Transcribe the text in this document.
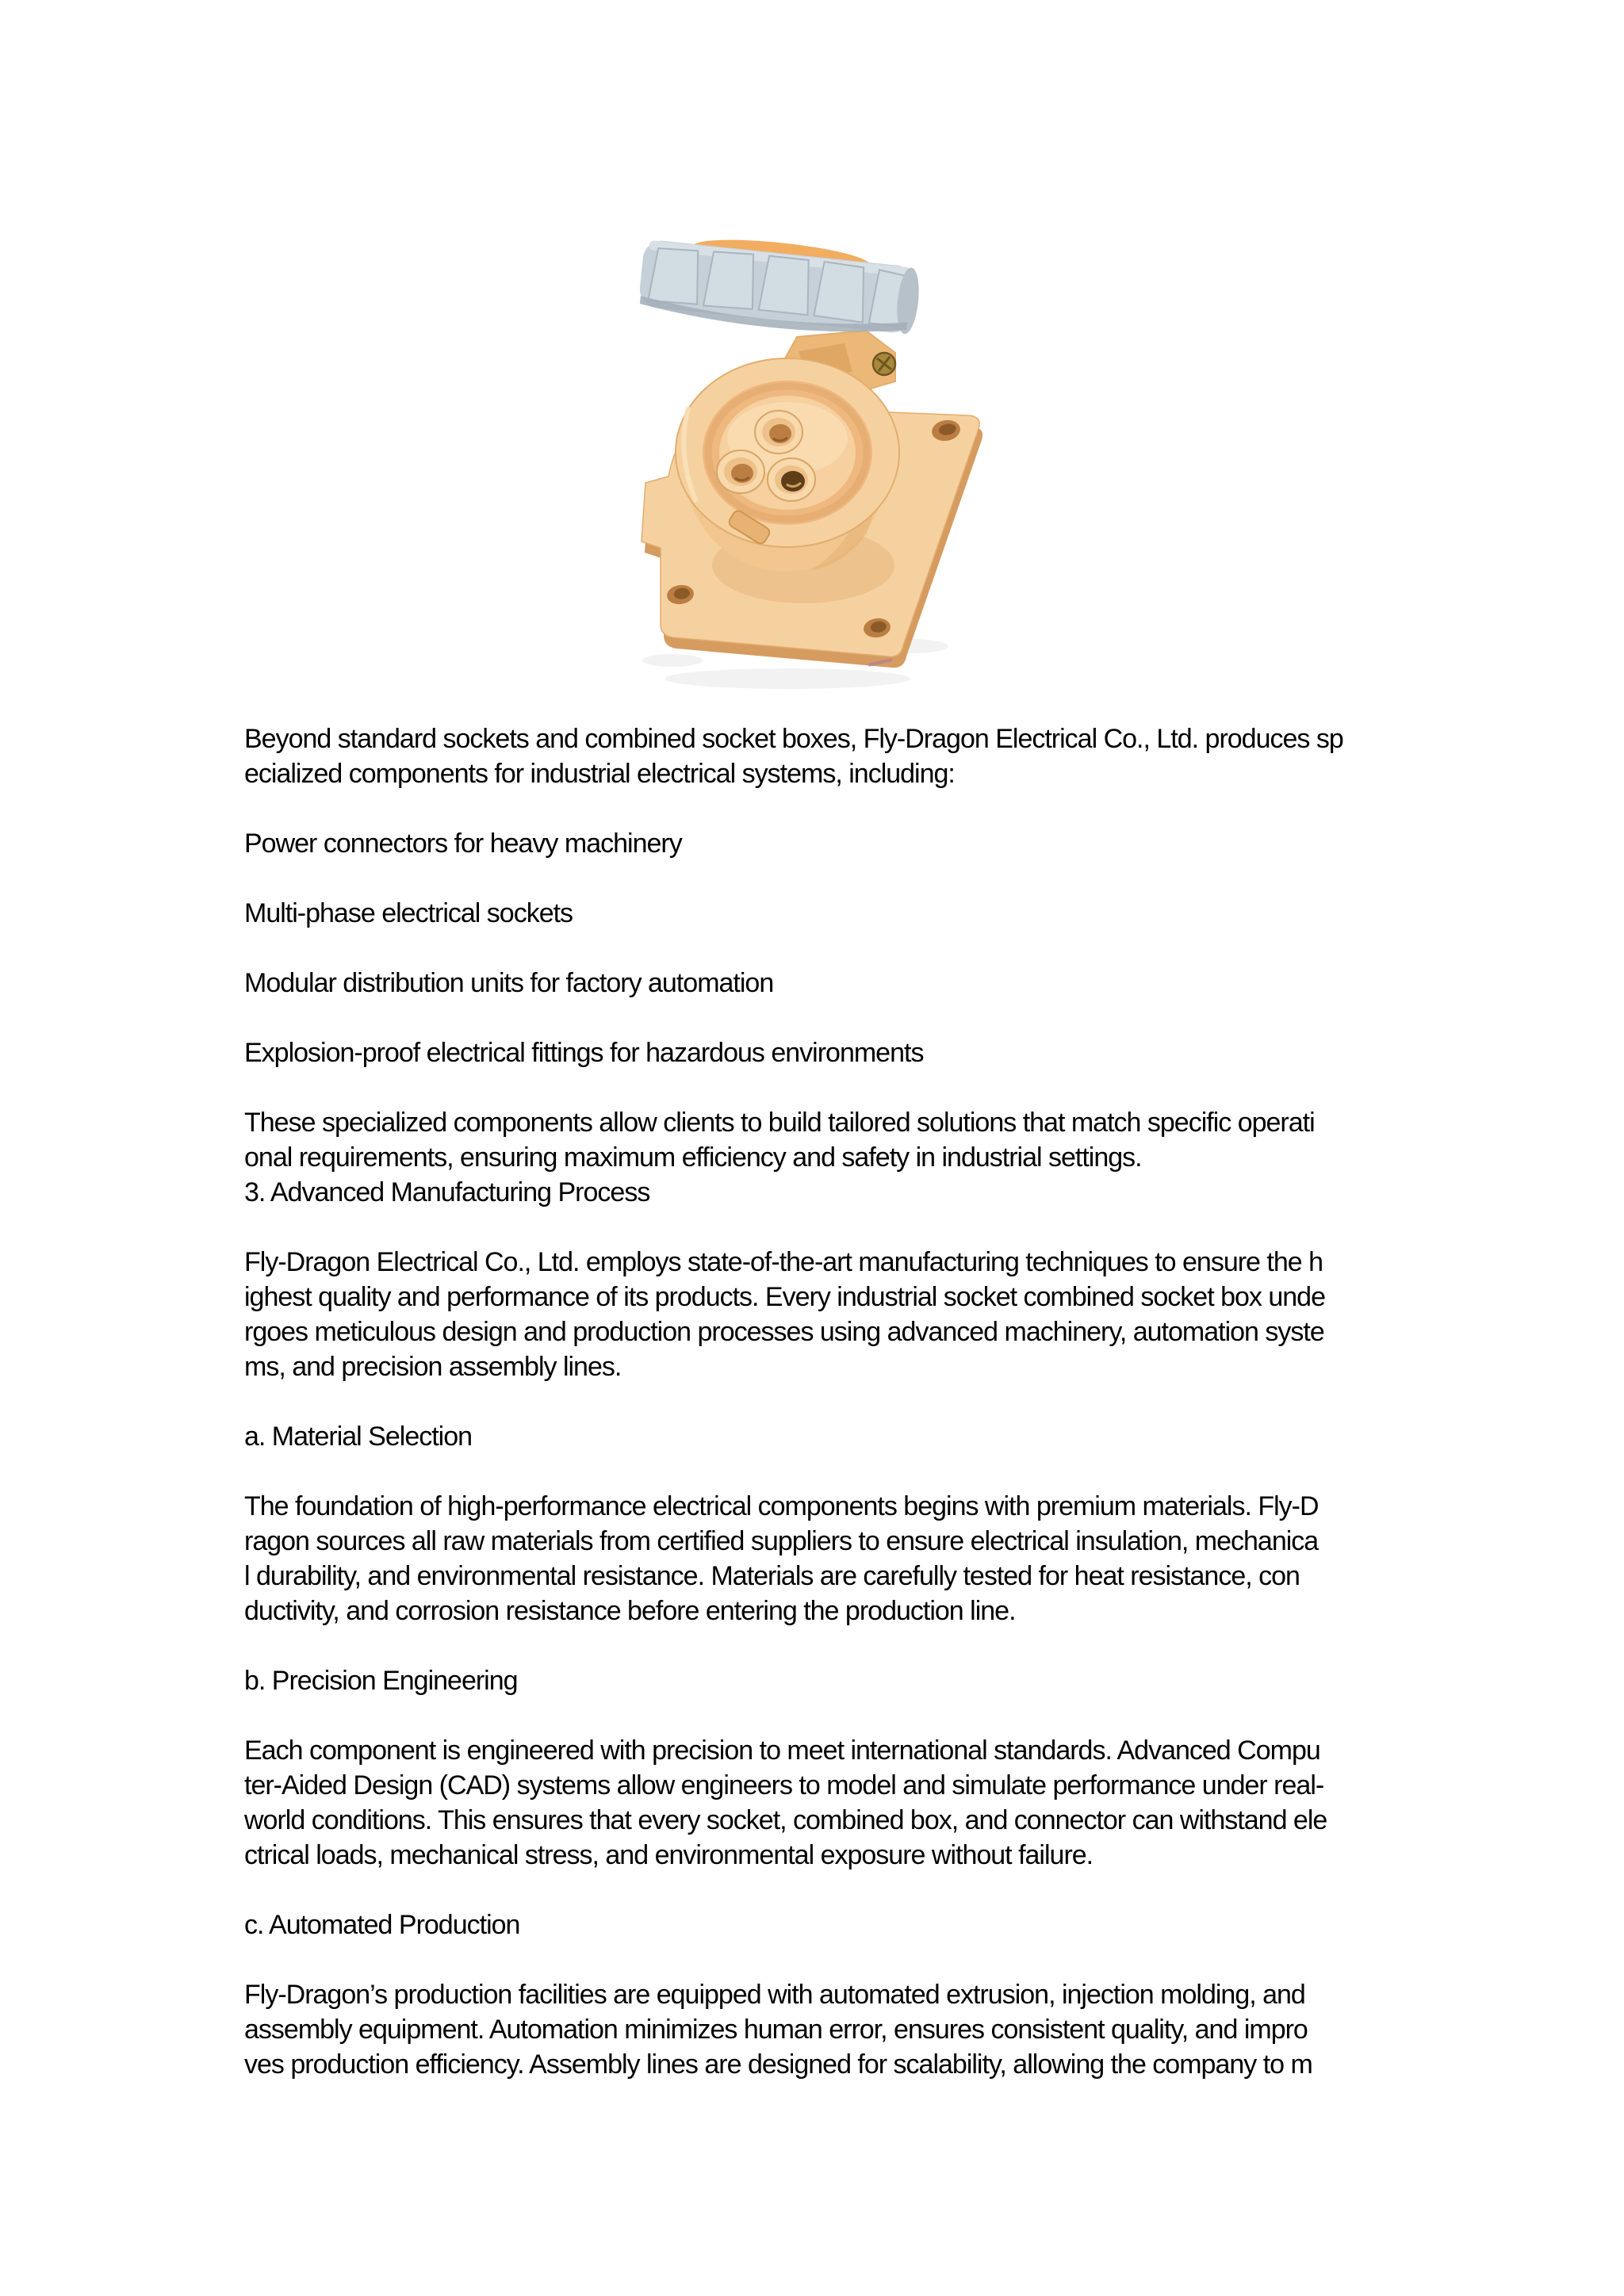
Beyond standard sockets and combined socket boxes, Fly-Dragon Electrical Co., Ltd. produces sp
ecialized components for industrial electrical systems, including:

Power connectors for heavy machinery

Multi-phase electrical sockets

Modular distribution units for factory automation

Explosion-proof electrical fittings for hazardous environments

These specialized components allow clients to build tailored solutions that match specific operati
onal requirements, ensuring maximum efficiency and safety in industrial settings.
3. Advanced Manufacturing Process

Fly-Dragon Electrical Co., Ltd. employs state-of-the-art manufacturing techniques to ensure the h
ighest quality and performance of its products. Every industrial socket combined socket box unde
rgoes meticulous design and production processes using advanced machinery, automation syste
ms, and precision assembly lines.

a. Material Selection

The foundation of high-performance electrical components begins with premium materials. Fly-D
ragon sources all raw materials from certified suppliers to ensure electrical insulation, mechanica
l durability, and environmental resistance. Materials are carefully tested for heat resistance, con
ductivity, and corrosion resistance before entering the production line.

b. Precision Engineering

Each component is engineered with precision to meet international standards. Advanced Compu
ter-Aided Design (CAD) systems allow engineers to model and simulate performance under real-
world conditions. This ensures that every socket, combined box, and connector can withstand ele
ctrical loads, mechanical stress, and environmental exposure without failure.

c. Automated Production

Fly-Dragon’s production facilities are equipped with automated extrusion, injection molding, and
assembly equipment. Automation minimizes human error, ensures consistent quality, and impro
ves production efficiency. Assembly lines are designed for scalability, allowing the company to m
